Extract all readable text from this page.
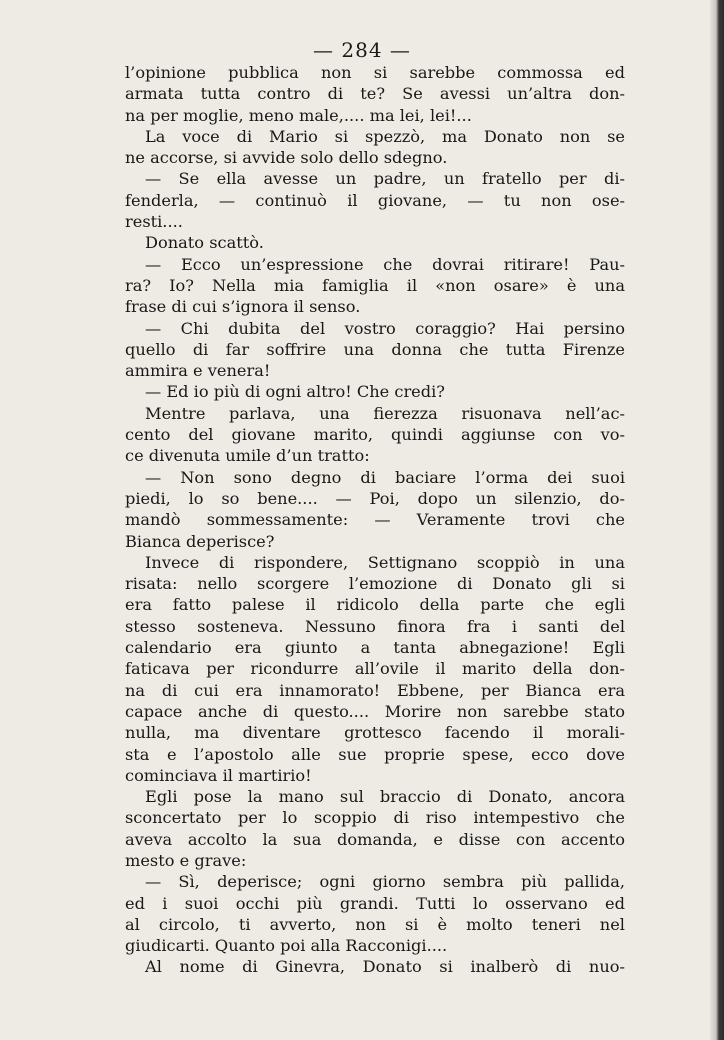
— 284 —
l’opinione pubblica non si sarebbe commossa ed
armata tutta contro di te? Se avessi un’altra don-
na per moglie, meno male,.... ma lei, lei!...
La voce di Mario si spezzò, ma Donato non se
ne accorse, si avvide solo dello sdegno.
— Se ella avesse un padre, un fratello per di-
fenderla, — continuò il giovane, — tu non ose-
resti....
Donato scattò.
— Ecco un’espressione che dovrai ritirare! Pau-
ra? Io? Nella mia famiglia il «non osare» è una
frase di cui s’ignora il senso.
— Chi dubita del vostro coraggio? Hai persino
quello di far soffrire una donna che tutta Firenze
ammira e venera!
— Ed io più di ogni altro! Che credi?
Mentre parlava, una fierezza risuonava nell’ac-
cento del giovane marito, quindi aggiunse con vo-
ce divenuta umile d’un tratto:
— Non sono degno di baciare l’orma dei suoi
piedi, lo so bene.... — Poi, dopo un silenzio, do-
mandò sommessamente: — Veramente trovi che
Bianca deperisce?
Invece di rispondere, Settignano scoppiò in una
risata: nello scorgere l’emozione di Donato gli si
era fatto palese il ridicolo della parte che egli
stesso sosteneva. Nessuno finora fra i santi del
calendario era giunto a tanta abnegazione! Egli
faticava per ricondurre all’ovile il marito della don-
na di cui era innamorato! Ebbene, per Bianca era
capace anche di questo.... Morire non sarebbe stato
nulla, ma diventare grottesco facendo il morali-
sta e l’apostolo alle sue proprie spese, ecco dove
cominciava il martirio!
Egli pose la mano sul braccio di Donato, ancora
sconcertato per lo scoppio di riso intempestivo che
aveva accolto la sua domanda, e disse con accento
mesto e grave:
— Sì, deperisce; ogni giorno sembra più pallida,
ed i suoi occhi più grandi. Tutti lo osservano ed
al circolo, ti avverto, non si è molto teneri nel
giudicarti. Quanto poi alla Racconigi....
Al nome di Ginevra, Donato si inalberò di nuo-
